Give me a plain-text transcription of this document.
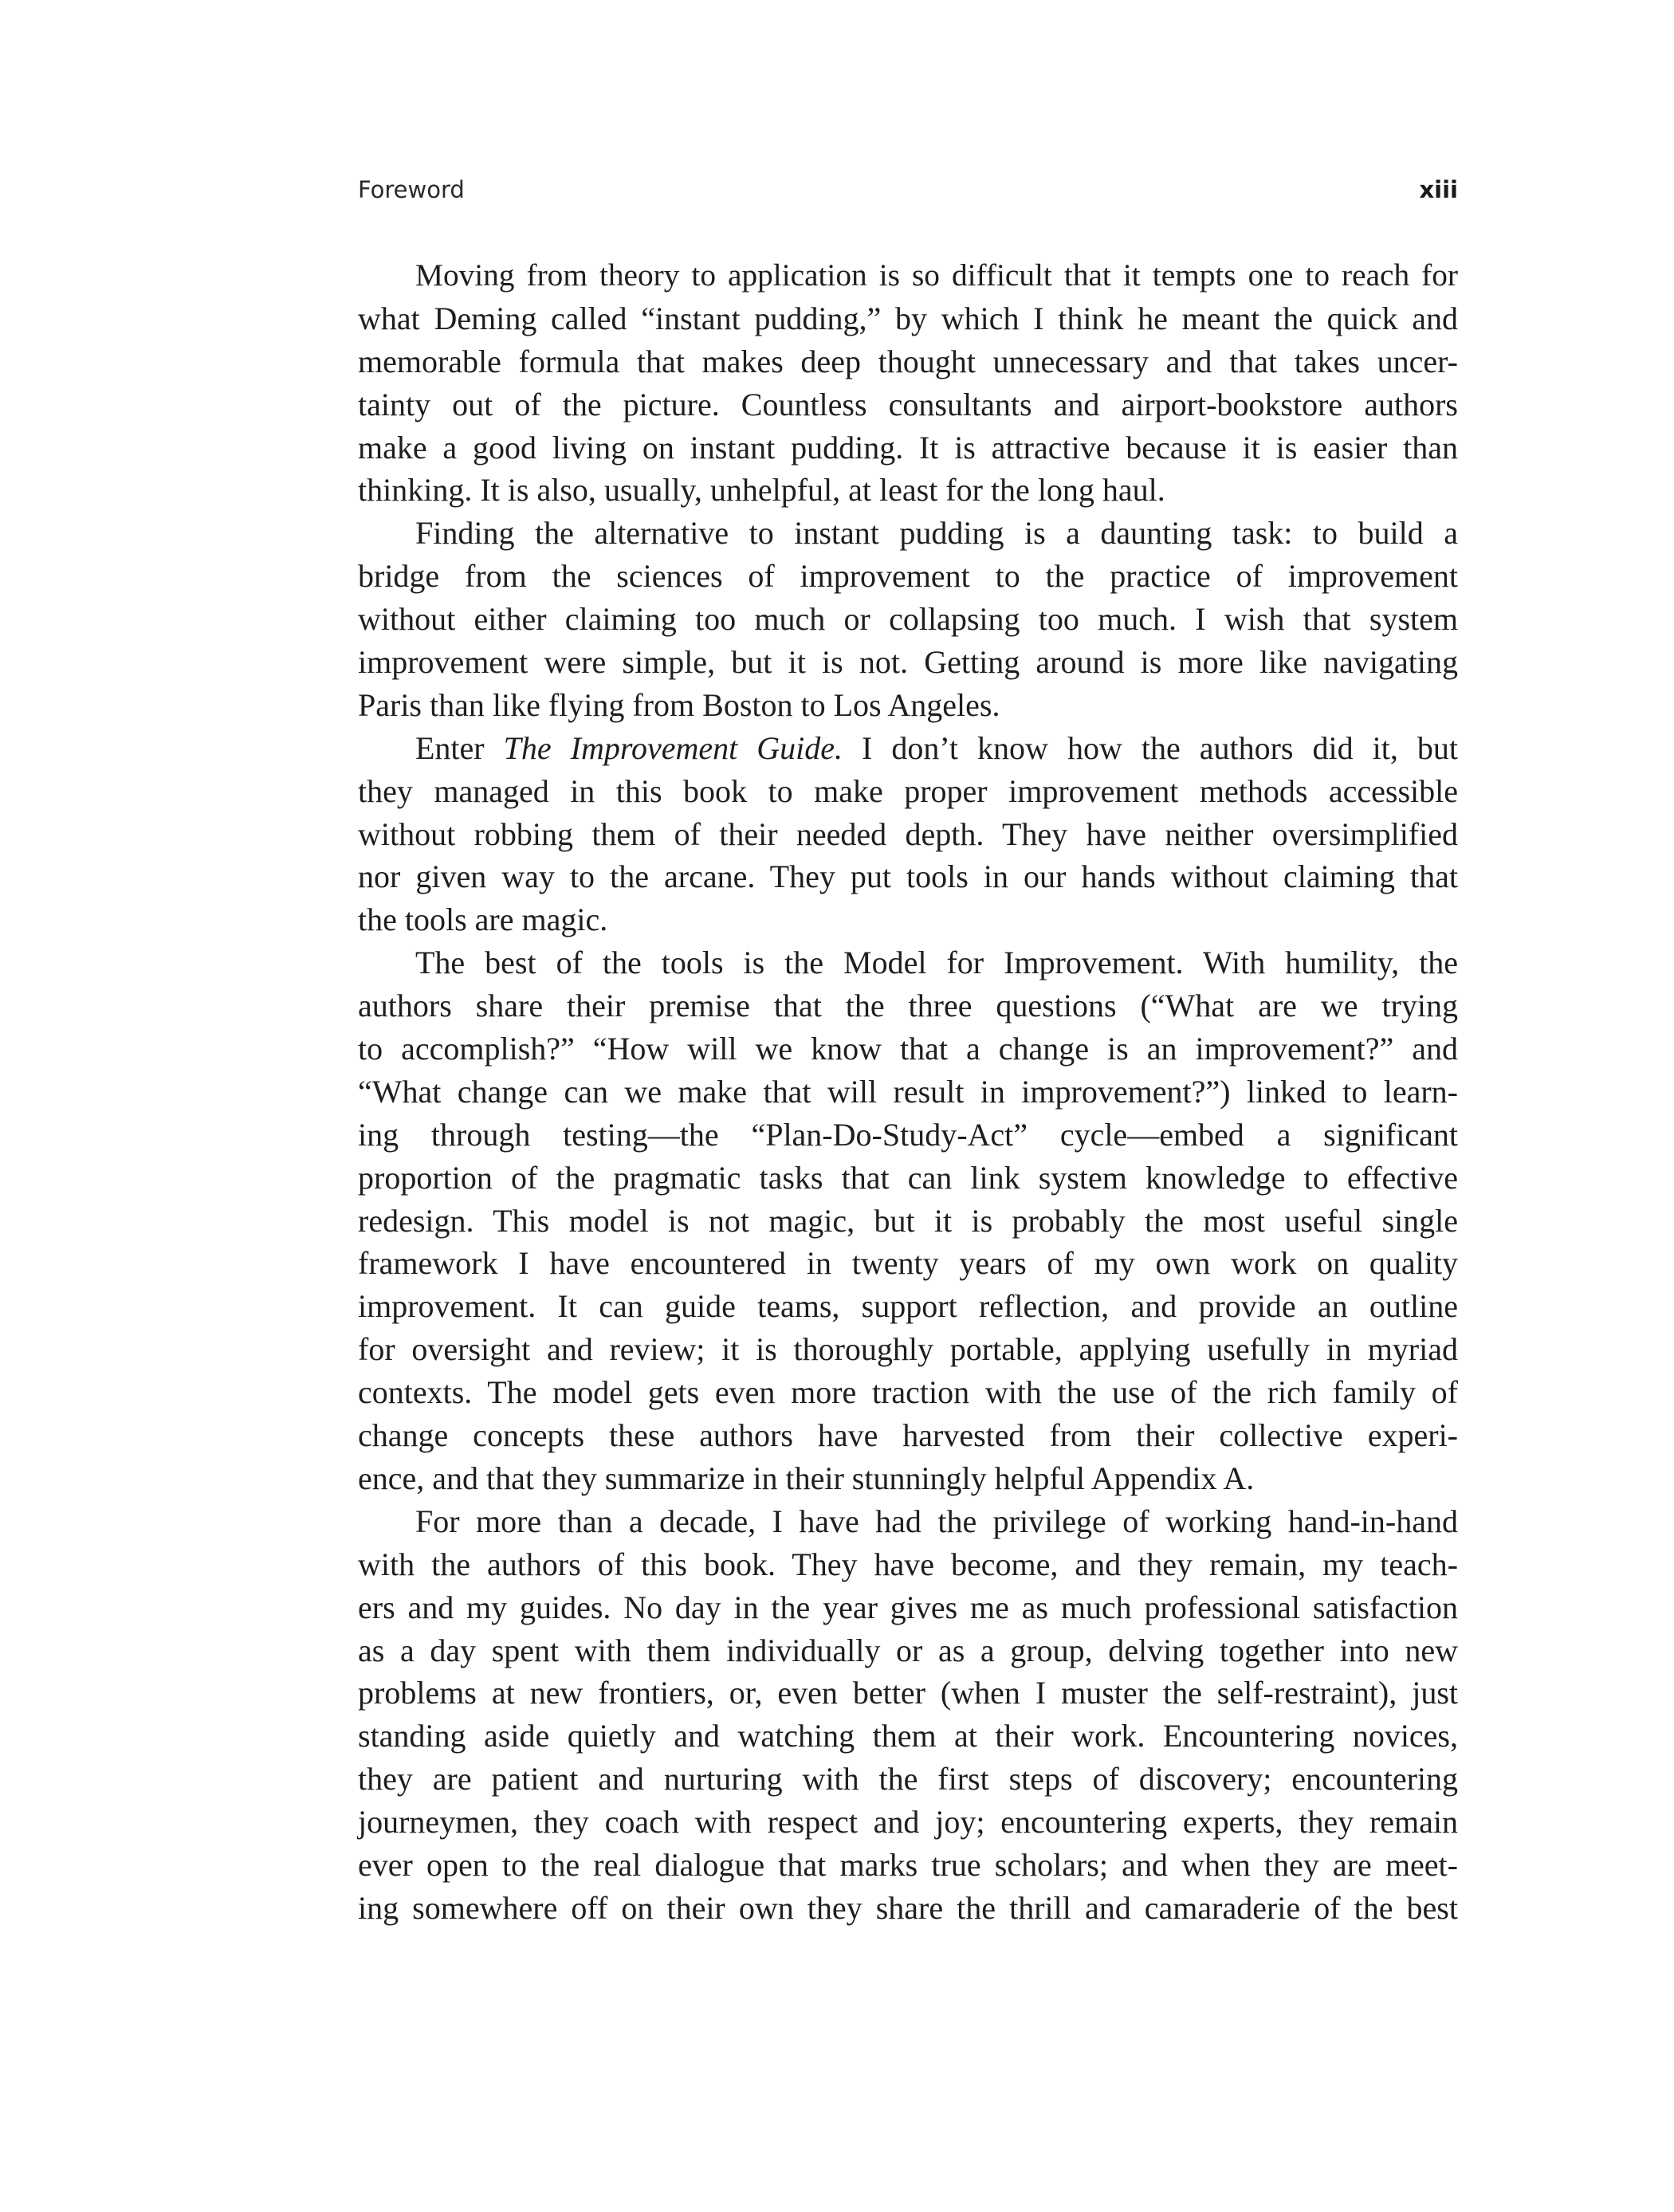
Foreword	xiii
Moving from theory to application is so difficult that it tempts one to reach for
what Deming called “instant pudding,” by which I think he meant the quick and
memorable formula that makes deep thought unnecessary and that takes uncer-
tainty out of the picture. Countless consultants and airport-bookstore authors
make a good living on instant pudding. It is attractive because it is easier than
thinking. It is also, usually, unhelpful, at least for the long haul.
Finding the alternative to instant pudding is a daunting task: to build a
bridge from the sciences of improvement to the practice of improvement
without either claiming too much or collapsing too much. I wish that system
improvement were simple, but it is not. Getting around is more like navigating
Paris than like flying from Boston to Los Angeles.
Enter The Improvement Guide. I don’t know how the authors did it, but
they managed in this book to make proper improvement methods accessible
without robbing them of their needed depth. They have neither oversimplified
nor given way to the arcane. They put tools in our hands without claiming that
the tools are magic.
The best of the tools is the Model for Improvement. With humility, the
authors share their premise that the three questions (“What are we trying
to accomplish?” “How will we know that a change is an improvement?” and
“What change can we make that will result in improvement?”) linked to learn-
ing through testing—the “Plan-Do-Study-Act” cycle—embed a significant
proportion of the pragmatic tasks that can link system knowledge to effective
redesign. This model is not magic, but it is probably the most useful single
framework I have encountered in twenty years of my own work on quality
improvement. It can guide teams, support reflection, and provide an outline
for oversight and review; it is thoroughly portable, applying usefully in myriad
contexts. The model gets even more traction with the use of the rich family of
change concepts these authors have harvested from their collective experi-
ence, and that they summarize in their stunningly helpful Appendix A.
For more than a decade, I have had the privilege of working hand-in-hand
with the authors of this book. They have become, and they remain, my teach-
ers and my guides. No day in the year gives me as much professional satisfaction
as a day spent with them individually or as a group, delving together into new
problems at new frontiers, or, even better (when I muster the self-restraint), just
standing aside quietly and watching them at their work. Encountering novices,
they are patient and nurturing with the first steps of discovery; encountering
journeymen, they coach with respect and joy; encountering experts, they remain
ever open to the real dialogue that marks true scholars; and when they are meet-
ing somewhere off on their own they share the thrill and camaraderie of the best
